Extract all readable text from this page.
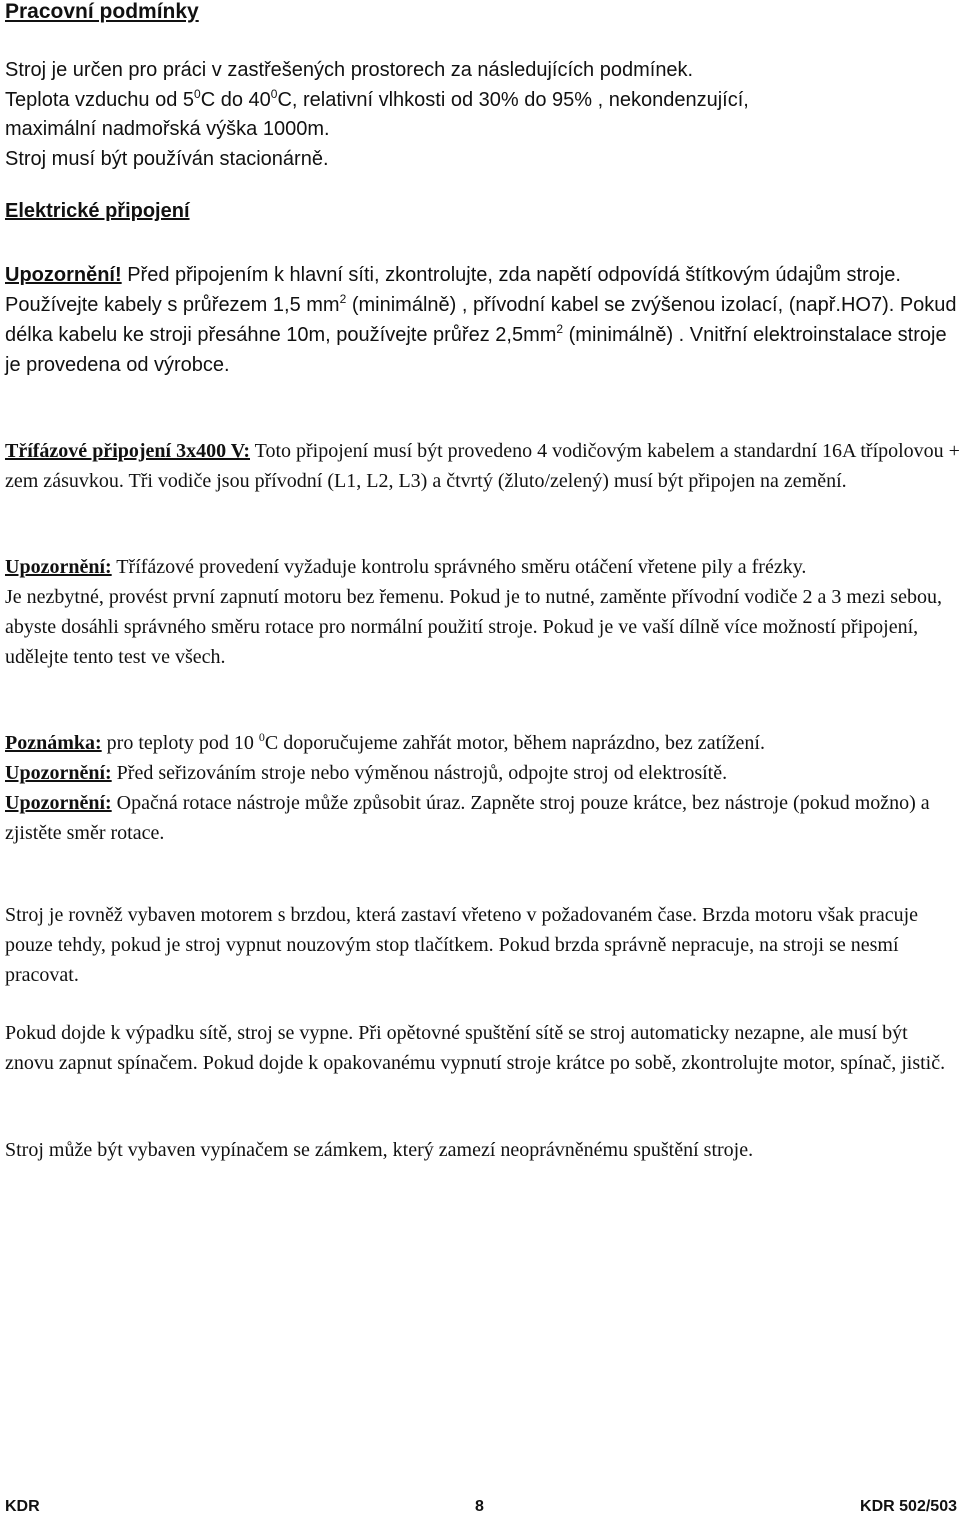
Pracovní podmínky
Stroj je určen pro práci v zastřešených prostorech za následujících podmínek.
Teplota vzduchu od $5^0C$ do $40^0C$, relativní vlhkosti od 30% do 95% , nekondenzující,
maximální nadmořská výška 1000m.
Stroj musí být používán stacionárně.
Elektrické připojení
Upozornění! Před připojením k hlavní síti, zkontrolujte, zda napětí odpovídá štítkovým údajům stroje.
Používejte kabely s průřezem 1,5 $mm^2$ (minimálně) , přívodní kabel se zvýšenou izolací, (např.HO7). Pokud délka kabelu ke stroji přesáhne 10m, používejte průřez $2,5mm^2$ (minimálně) . Vnitřní elektroinstalace stroje je provedena od výrobce.
Třífázové připojení 3x400 V: Toto připojení musí být provedeno 4 vodičovým kabelem a standardní 16A třípolovou + zem zásuvkou. Tři vodiče jsou přívodní (L1, L2, L3) a čtvrtý (žluto/zelený) musí být připojen na zemění.
Upozornění: Třífázové provedení vyžaduje kontrolu správného směru otáčení vřetene pily a frézky.
Je nezbytné, provést první zapnutí motoru bez řemenu. Pokud je to nutné, zaměnte přívodní vodiče 2 a 3 mezi sebou, abyste dosáhli správného směru rotace pro normální použití stroje. Pokud je ve vaší dílně více možností připojení, udělejte tento test ve všech.
Poznámka: pro teploty pod 10 $^0$C doporučujeme zahřát motor, během naprázdno, bez zatížení.
Upozornění: Před seřizováním stroje nebo výměnou nástrojů, odpojte stroj od elektrosítě.
Upozornění: Opačná rotace nástroje může způsobit úraz. Zapněte stroj pouze krátce, bez nástroje (pokud možno) a zjistěte směr rotace.
Stroj je rovněž vybaven motorem s brzdou, která zastaví vřeteno v požadovaném čase. Brzda motoru však pracuje pouze tehdy, pokud je stroj vypnut nouzovým stop tlačítkem. Pokud brzda správně nepracuje, na stroji se nesmí pracovat.
Pokud dojde k výpadku sítě, stroj se vypne. Při opětovné spuštění sítě se stroj automaticky nezapne, ale musí být znovu zapnut spínačem. Pokud dojde k opakovanému vypnutí stroje krátce po sobě, zkontrolujte motor, spínač, jistič.
Stroj může být vybaven vypínačem se zámkem, který zamezí neoprávněnému spuštění stroje.
KDR	8	KDR 502/503
